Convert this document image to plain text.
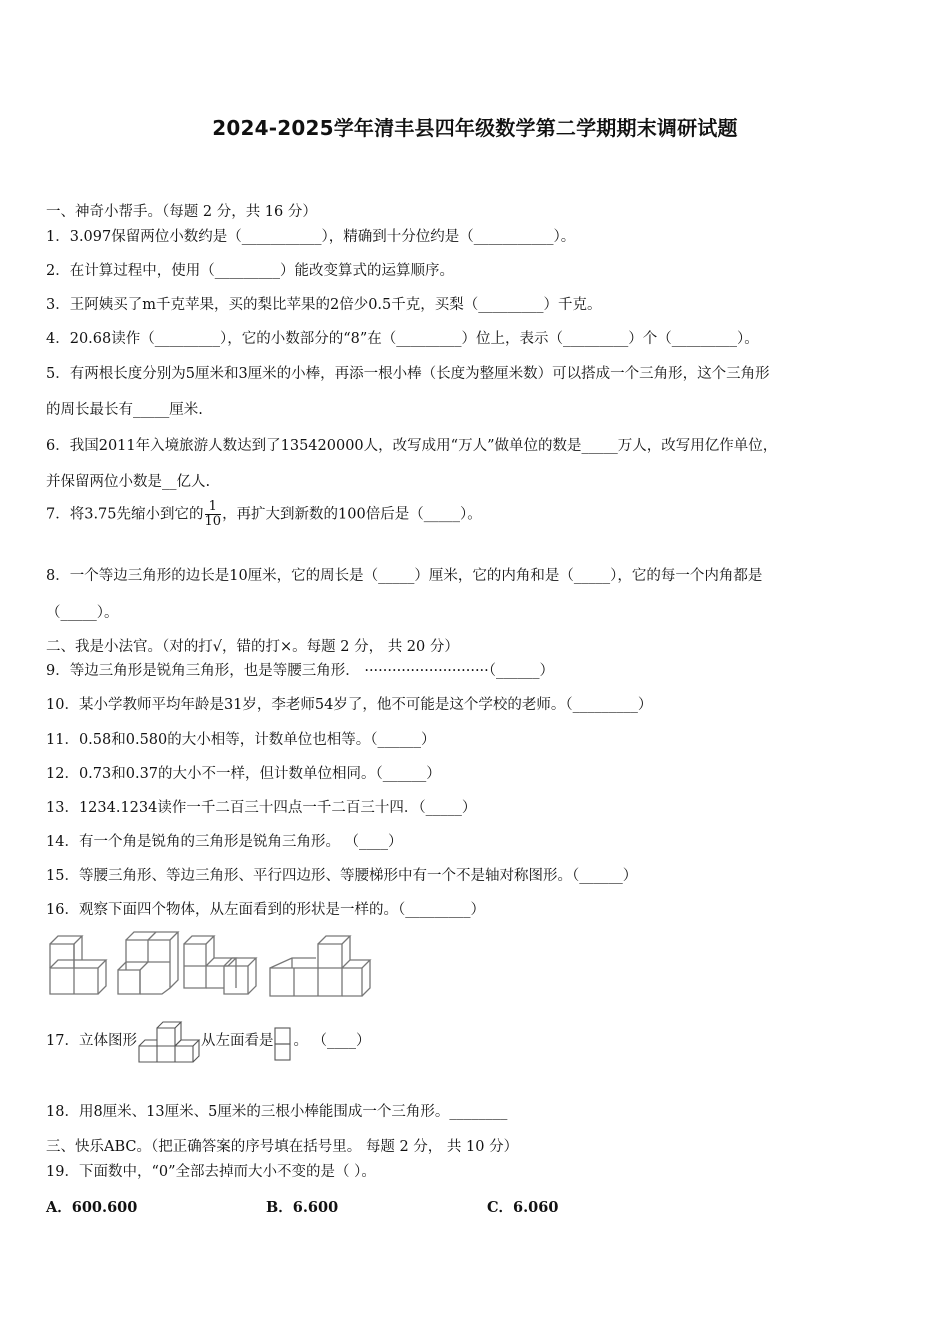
2024-2025学年清丰县四年级数学第二学期期末调研试题
一、神奇小帮手。（每题 2 分，共 16 分）
1．3.097保留两位小数约是（___________），精确到十分位约是（___________）。
2．在计算过程中，使用（_________）能改变算式的运算顺序。
3．王阿姨买了m千克苹果，买的梨比苹果的2倍少0.5千克，买梨（_________）千克。
4．20.68读作（_________），它的小数部分的“8”在（_________）位上，表示（_________）个（_________）。
5．有两根长度分别为5厘米和3厘米的小棒，再添一根小棒（长度为整厘米数）可以搭成一个三角形，这个三角形
的周长最长有_____厘米.
6．我国2011年入境旅游人数达到了135420000人，改写成用“万人”做单位的数是_____万人，改写用亿作单位，
并保留两位小数是__亿人.
7．将3.75先缩小到它的 $\frac{1}{10}$ ，再扩大到新数的100倍后是（_____）。
8．一个等边三角形的边长是10厘米，它的周长是（_____）厘米，它的内角和是（_____），它的每一个内角都是
（_____）。
二、我是小法官。（对的打√，错的打×。每题 2 分， 共 20 分）
9．等边三角形是锐角三角形，也是等腰三角形． ···························（______）
10．某小学教师平均年龄是31岁，李老师54岁了，他不可能是这个学校的老师。（_________）
11．0.58和0.580的大小相等，计数单位也相等。（______）
12．0.73和0.37的大小不一样，但计数单位相同。（______）
13．1234.1234读作一千二百三十四点一千二百三十四．（_____）
14．有一个角是锐角的三角形是锐角三角形。 （____）
15．等腰三角形、等边三角形、平行四边形、等腰梯形中有一个不是轴对称图形。（______）
16．观察下面四个物体，从左面看到的形状是一样的。（_________）
17．立体图形	从左面看是 。 （____）
18．用8厘米、13厘米、5厘米的三根小棒能围成一个三角形。________
三、快乐ABC。（把正确答案的序号填在括号里。 每题 2 分， 共 10 分）
19．下面数中，“0”全部去掉而大小不变的是（ ）。
A．600.600	B．6.600	C．6.060
